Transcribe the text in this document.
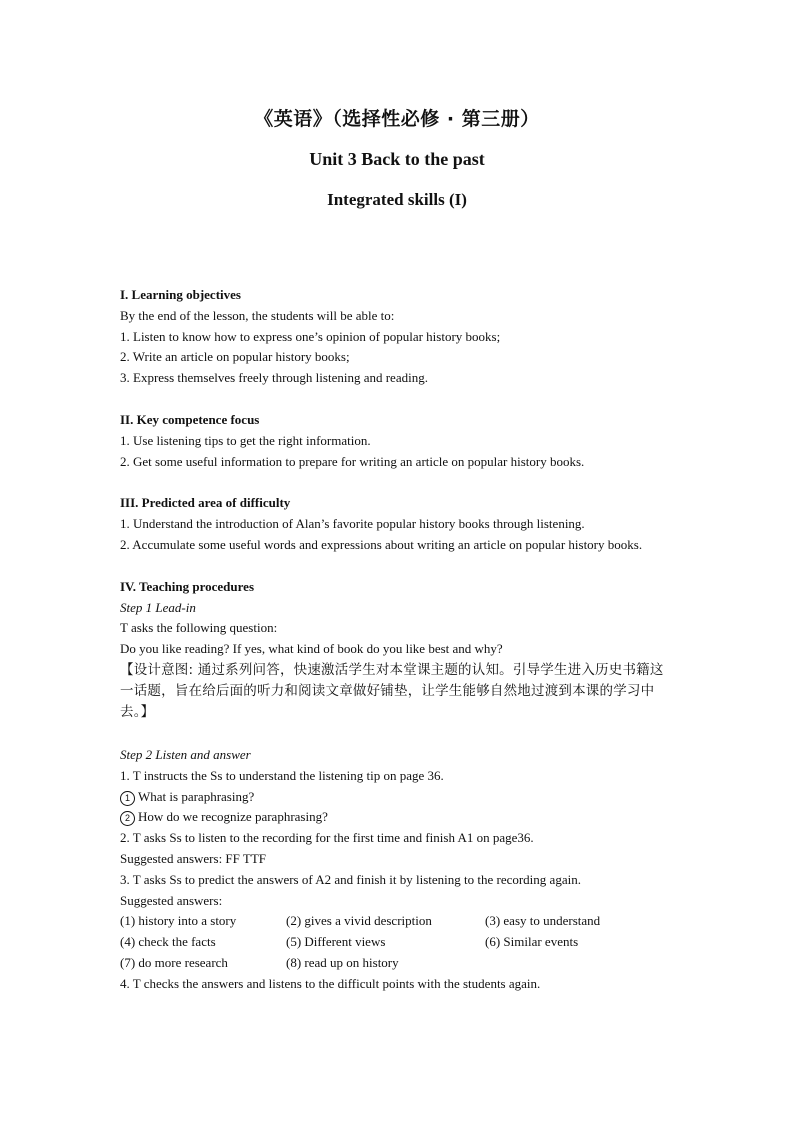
《英语》（选择性必修 · 第三册）
Unit 3 Back to the past
Integrated skills (I)

I. Learning objectives

By the end of the lesson, the students will be able to:

1. Listen to know how to express one’s opinion of popular history books;

2. Write an article on popular history books;

3. Express themselves freely through listening and reading.

II. Key competence focus

1. Use listening tips to get the right information.

2. Get some useful information to prepare for writing an article on popular history books.

III. Predicted area of difficulty

1. Understand the introduction of Alan’s favorite popular history books through listening.

2. Accumulate some useful words and expressions about writing an article on popular history books.

IV. Teaching procedures

Step 1 Lead-in

T asks the following question:

Do you like reading? If yes, what kind of book do you like best and why?

【设计意图: 通过系列问答，快速激活学生对本堂课主题的认知。引导学生进入历史书籍这一话题，旨在给后面的听力和阅读文章做好铺垫，让学生能够自然地过渡到本课的学习中去。】

Step 2 Listen and answer

1. T instructs the Ss to understand the listening tip on page 36.

1 What is paraphrasing?

2 How do we recognize paraphrasing?

2. T asks Ss to listen to the recording for the first time and finish A1 on page36.

Suggested answers: FF TTF

3. T asks Ss to predict the answers of A2 and finish it by listening to the recording again.

Suggested answers:

(1) history into a story	(2) gives a vivid description	(3) easy to understand
(4) check the facts	(5) Different views	(6) Similar events
(7) do more research	(8) read up on history

4. T checks the answers and listens to the difficult points with the students again.
